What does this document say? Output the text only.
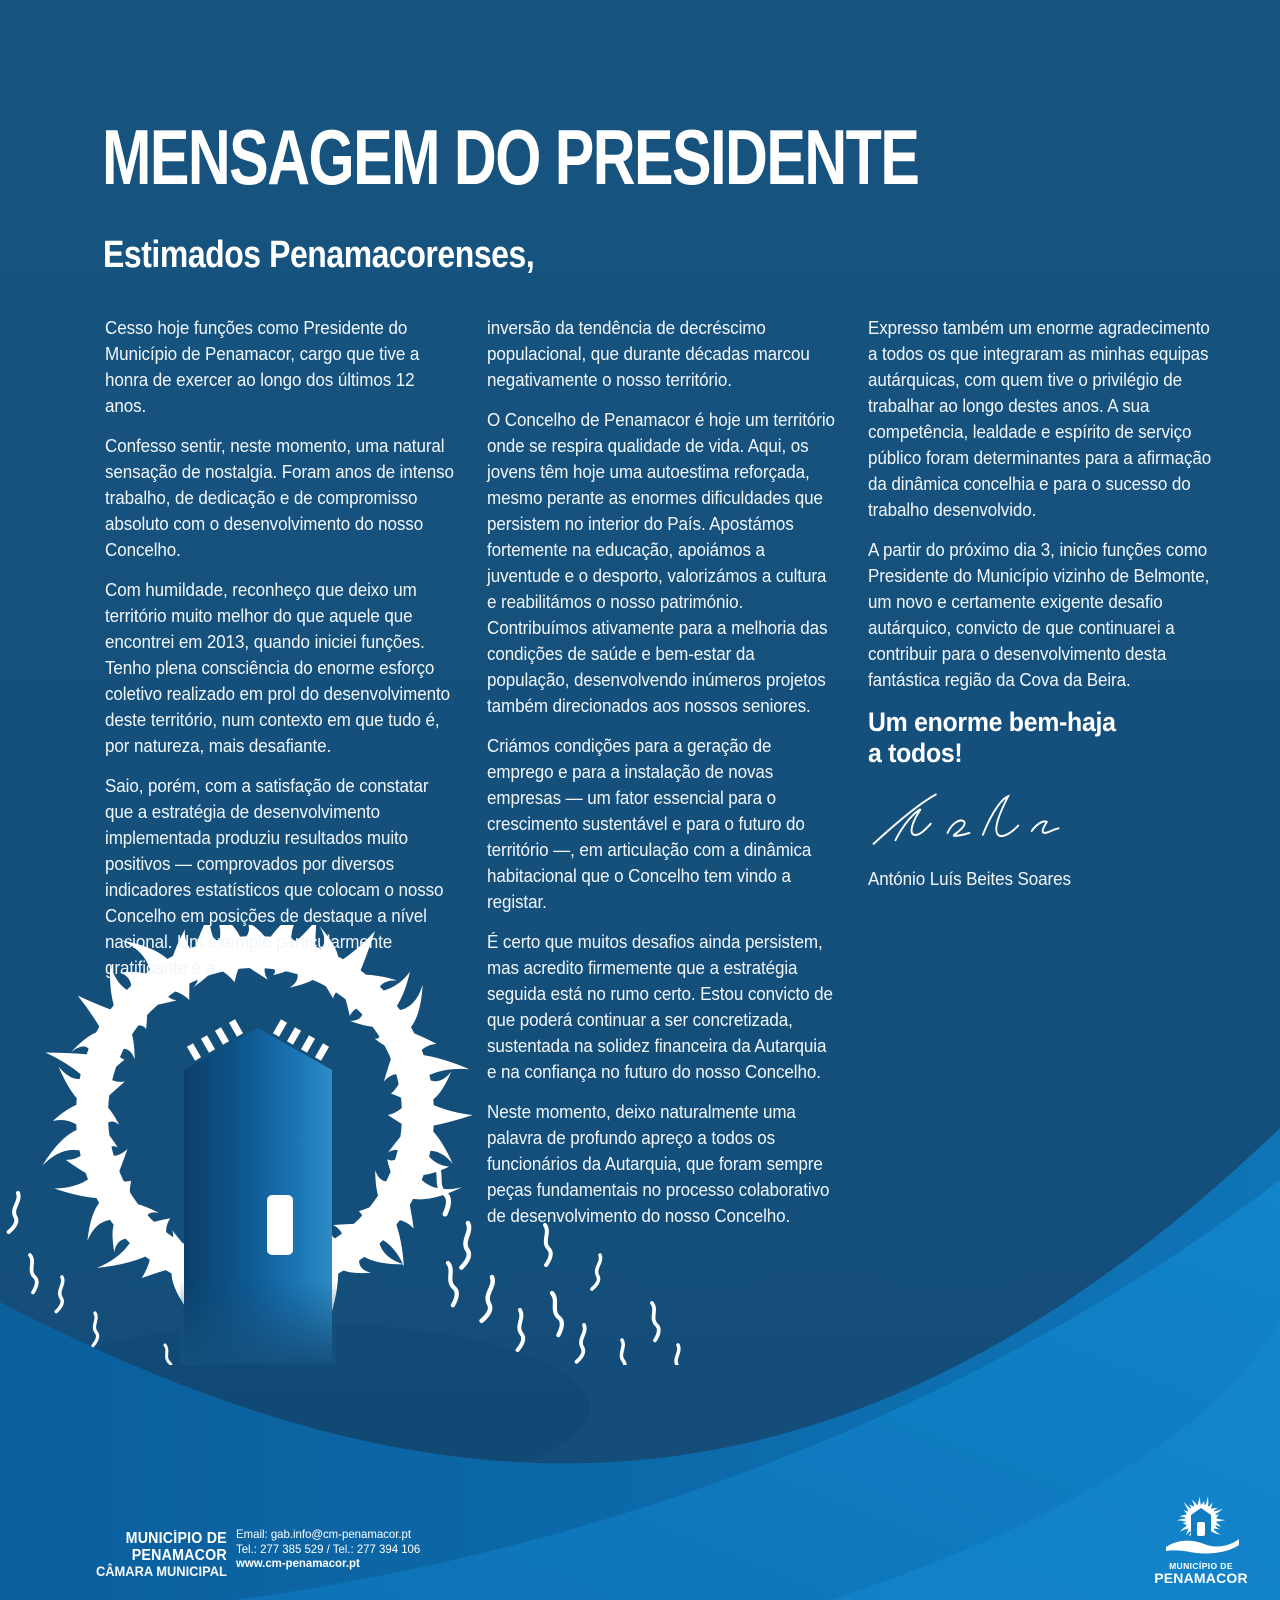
MENSAGEM DO PRESIDENTE
Estimados Penamacorenses,

Cesso hoje funções como Presidente do Município de Penamacor, cargo que tive a honra de exercer ao longo dos últimos 12 anos.

Confesso sentir, neste momento, uma natural sensação de nostalgia. Foram anos de intenso trabalho, de dedicação e de compromisso absoluto com o desenvolvimento do nosso Concelho.

Com humildade, reconheço que deixo um território muito melhor do que aquele que encontrei em 2013, quando iniciei funções. Tenho plena consciência do enorme esforço coletivo realizado em prol do desenvolvimento deste território, num contexto em que tudo é, por natureza, mais desafiante.

Saio, porém, com a satisfação de constatar que a estratégia de desenvolvimento implementada produziu resultados muito positivos — comprovados por diversos indicadores estatísticos que colocam o nosso Concelho em posições de destaque a nível nacional. Um exemplo particularmente gratificante é a

inversão da tendência de decréscimo populacional, que durante décadas marcou negativamente o nosso território.

O Concelho de Penamacor é hoje um território onde se respira qualidade de vida. Aqui, os jovens têm hoje uma autoestima reforçada, mesmo perante as enormes dificuldades que persistem no interior do País. Apostámos fortemente na educação, apoiámos a juventude e o desporto, valorizámos a cultura e reabilitámos o nosso património. Contribuímos ativamente para a melhoria das condições de saúde e bem-estar da população, desenvolvendo inúmeros projetos também direcionados aos nossos seniores.

Criámos condições para a geração de emprego e para a instalação de novas empresas — um fator essencial para o crescimento sustentável e para o futuro do território —, em articulação com a dinâmica habitacional que o Concelho tem vindo a registar.

É certo que muitos desafios ainda persistem, mas acredito firmemente que a estratégia seguida está no rumo certo. Estou convicto de que poderá continuar a ser concretizada, sustentada na solidez financeira da Autarquia e na confiança no futuro do nosso Concelho.

Neste momento, deixo naturalmente uma palavra de profundo apreço a todos os funcionários da Autarquia, que foram sempre peças fundamentais no processo colaborativo de desenvolvimento do nosso Concelho.

Expresso também um enorme agradecimento a todos os que integraram as minhas equipas autárquicas, com quem tive o privilégio de trabalhar ao longo destes anos. A sua competência, lealdade e espírito de serviço público foram determinantes para a afirmação da dinâmica concelhia e para o sucesso do trabalho desenvolvido.

A partir do próximo dia 3, inicio funções como Presidente do Município vizinho de Belmonte, um novo e certamente exigente desafio autárquico, convicto de que continuarei a contribuir para o desenvolvimento desta fantástica região da Cova da Beira.

Um enorme bem-haja
a todos!
António Luís Beites Soares
MUNICÍPIO DE PENAMACOR
CÂMARA MUNICIPAL
Email: gab.info@cm-penamacor.pt
Tel.: 277 385 529 / Tel.: 277 394 106
www.cm-penamacor.pt	MUNICÍPIO DE
PENAMACOR
